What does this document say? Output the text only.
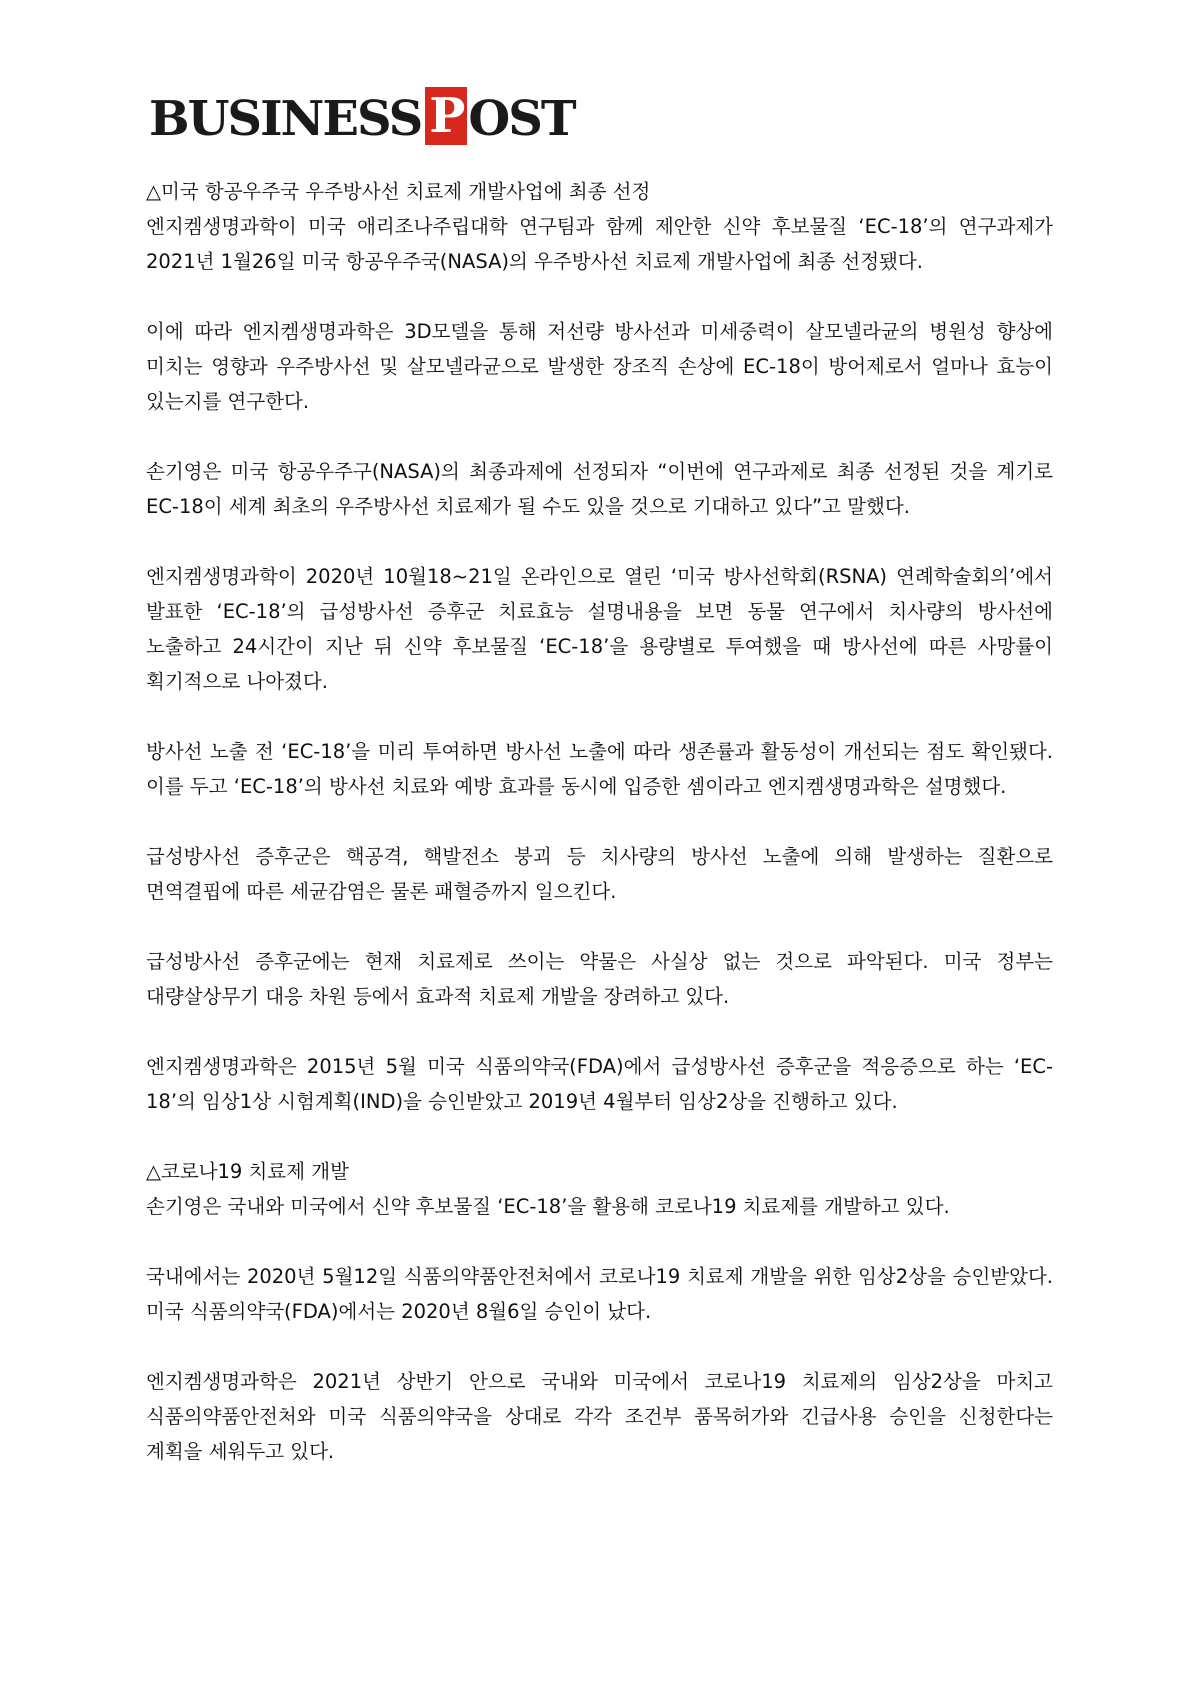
BUSINESS P OST
△미국 항공우주국 우주방사선 치료제 개발사업에 최종 선정
엔지켐생명과학이 미국 애리조나주립대학 연구팀과 함께 제안한 신약 후보물질 ‘EC-18’의 연구과제가 2021년 1월26일 미국 항공우주국(NASA)의 우주방사선 치료제 개발사업에 최종 선정됐다.
이에 따라 엔지켐생명과학은 3D모델을 통해 저선량 방사선과 미세중력이 살모넬라균의 병원성 향상에 미치는 영향과 우주방사선 및 살모넬라균으로 발생한 장조직 손상에 EC-18이 방어제로서 얼마나 효능이 있는지를 연구한다.
손기영은 미국 항공우주구(NASA)의 최종과제에 선정되자 “이번에 연구과제로 최종 선정된 것을 계기로 EC-18이 세계 최초의 우주방사선 치료제가 될 수도 있을 것으로 기대하고 있다”고 말했다.
엔지켐생명과학이 2020년 10월18~21일 온라인으로 열린 ‘미국 방사선학회(RSNA) 연례학술회의’에서 발표한 ‘EC-18’의 급성방사선 증후군 치료효능 설명내용을 보면 동물 연구에서 치사량의 방사선에 노출하고 24시간이 지난 뒤 신약 후보물질 ‘EC-18’을 용량별로 투여했을 때 방사선에 따른 사망률이 획기적으로 나아졌다.
방사선 노출 전 ‘EC-18’을 미리 투여하면 방사선 노출에 따라 생존률과 활동성이 개선되는 점도 확인됐다. 이를 두고 ‘EC-18’의 방사선 치료와 예방 효과를 동시에 입증한 셈이라고 엔지켐생명과학은 설명했다.
급성방사선 증후군은 핵공격, 핵발전소 붕괴 등 치사량의 방사선 노출에 의해 발생하는 질환으로 면역결핍에 따른 세균감염은 물론 패혈증까지 일으킨다.
급성방사선 증후군에는 현재 치료제로 쓰이는 약물은 사실상 없는 것으로 파악된다. 미국 정부는 대량살상무기 대응 차원 등에서 효과적 치료제 개발을 장려하고 있다.
엔지켐생명과학은 2015년 5월 미국 식품의약국(FDA)에서 급성방사선 증후군을 적응증으로 하는 ‘EC-18’의 임상1상 시험계획(IND)을 승인받았고 2019년 4월부터 임상2상을 진행하고 있다.
△코로나19 치료제 개발
손기영은 국내와 미국에서 신약 후보물질 ‘EC-18’을 활용해 코로나19 치료제를 개발하고 있다.
국내에서는 2020년 5월12일 식품의약품안전처에서 코로나19 치료제 개발을 위한 임상2상을 승인받았다. 미국 식품의약국(FDA)에서는 2020년 8월6일 승인이 났다.
엔지켐생명과학은 2021년 상반기 안으로 국내와 미국에서 코로나19 치료제의 임상2상을 마치고 식품의약품안전처와 미국 식품의약국을 상대로 각각 조건부 품목허가와 긴급사용 승인을 신청한다는 계획을 세워두고 있다.
